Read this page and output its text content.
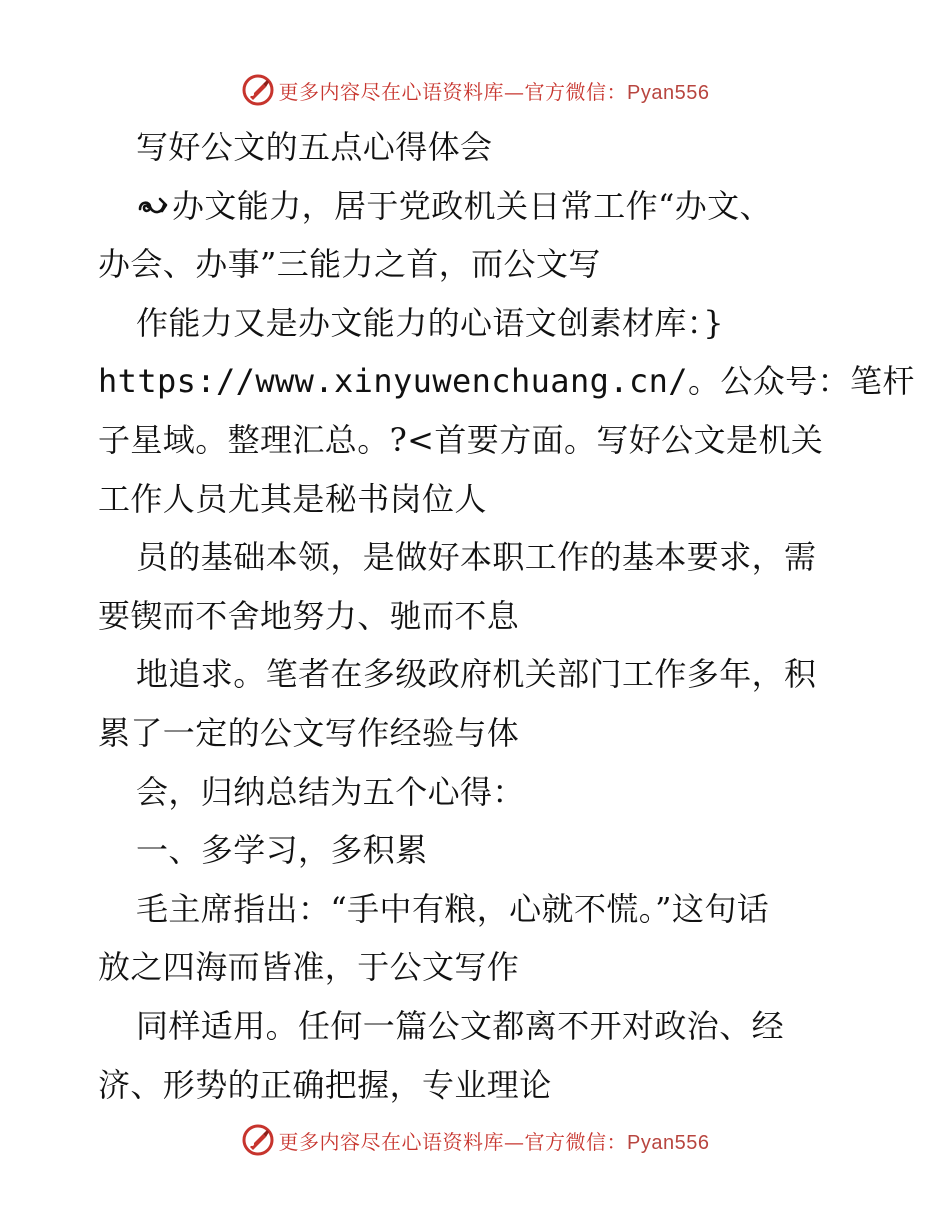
更多内容尽在心语资料库—官方微信：Pyan556
写好公文的五点心得体会
办文能力，居于党政机关日常工作“办文、
办会、办事”三能力之首，而公文写
作能力又是办文能力的心语文创素材库：}
https://www.xinyuwenchuang.cn/。公众号：笔杆
子星域。整理汇总。?<首要方面。写好公文是机关
工作人员尤其是秘书岗位人
员的基础本领，是做好本职工作的基本要求，需
要锲而不舍地努力、驰而不息
地追求。笔者在多级政府机关部门工作多年，积
累了一定的公文写作经验与体
会，归纳总结为五个心得：
一、多学习，多积累
毛主席指出：“手中有粮，心就不慌。”这句话
放之四海而皆准，于公文写作
同样适用。任何一篇公文都离不开对政治、经
济、形势的正确把握，专业理论
更多内容尽在心语资料库—官方微信：Pyan556
